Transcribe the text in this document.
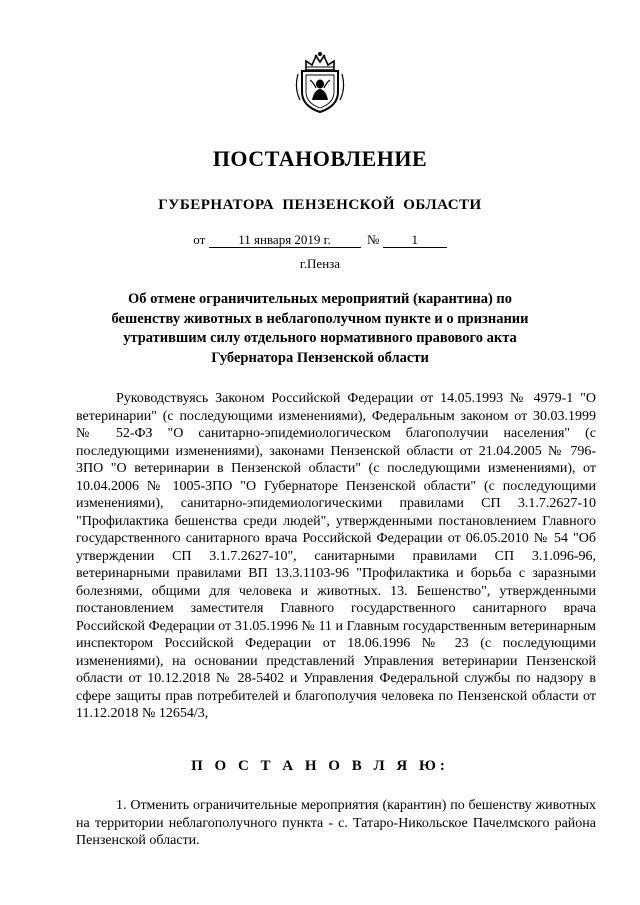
ПОСТАНОВЛЕНИЕ
ГУБЕРНАТОРА ПЕНЗЕНСКОЙ ОБЛАСТИ
от	11 января 2019 г.	№ 1
г.Пенза
Об отмене ограничительных мероприятий (карантина) по бешенству животных в неблагополучном пункте и о признании утратившим силу отдельного нормативного правового акта Губернатора Пензенской области

Руководствуясь Законом Российской Федерации от 14.05.1993 № 4979-1 "О ветеринарии" (с последующими изменениями), Федеральным законом от 30.03.1999 № 52-ФЗ "О санитарно-эпидемиологическом благополучии населения" (с последующими изменениями), законами Пензенской области от 21.04.2005 № 796-ЗПО "О ветеринарии в Пензенской области" (с последующими изменениями), от 10.04.2006 № 1005-ЗПО "О Губернаторе Пензенской области" (с последующими изменениями), санитарно-эпидемиологическими правилами СП 3.1.7.2627-10 "Профилактика бешенства среди людей", утвержденными постановлением Главного государственного санитарного врача Российской Федерации от 06.05.2010 № 54 "Об утверждении СП 3.1.7.2627-10", санитарными правилами СП 3.1.096-96, ветеринарными правилами ВП 13.3.1103-96 "Профилактика и борьба с заразными болезнями, общими для человека и животных. 13. Бешенство", утвержденными постановлением заместителя Главного государственного санитарного врача Российской Федерации от 31.05.1996 № 11 и Главным государственным ветеринарным инспектором Российской Федерации от 18.06.1996 № 23 (с последующими изменениями), на основании представлений Управления ветеринарии Пензенской области от 10.12.2018 № 28-5402 и Управления Федеральной службы по надзору в сфере защиты прав потребителей и благополучия человека по Пензенской области от 11.12.2018 № 12654/3,

П О С Т А Н О В Л Я Ю:

1. Отменить ограничительные мероприятия (карантин) по бешенству животных на территории неблагополучного пункта - с. Татаро-Никольское Пачелмского района Пензенской области.
